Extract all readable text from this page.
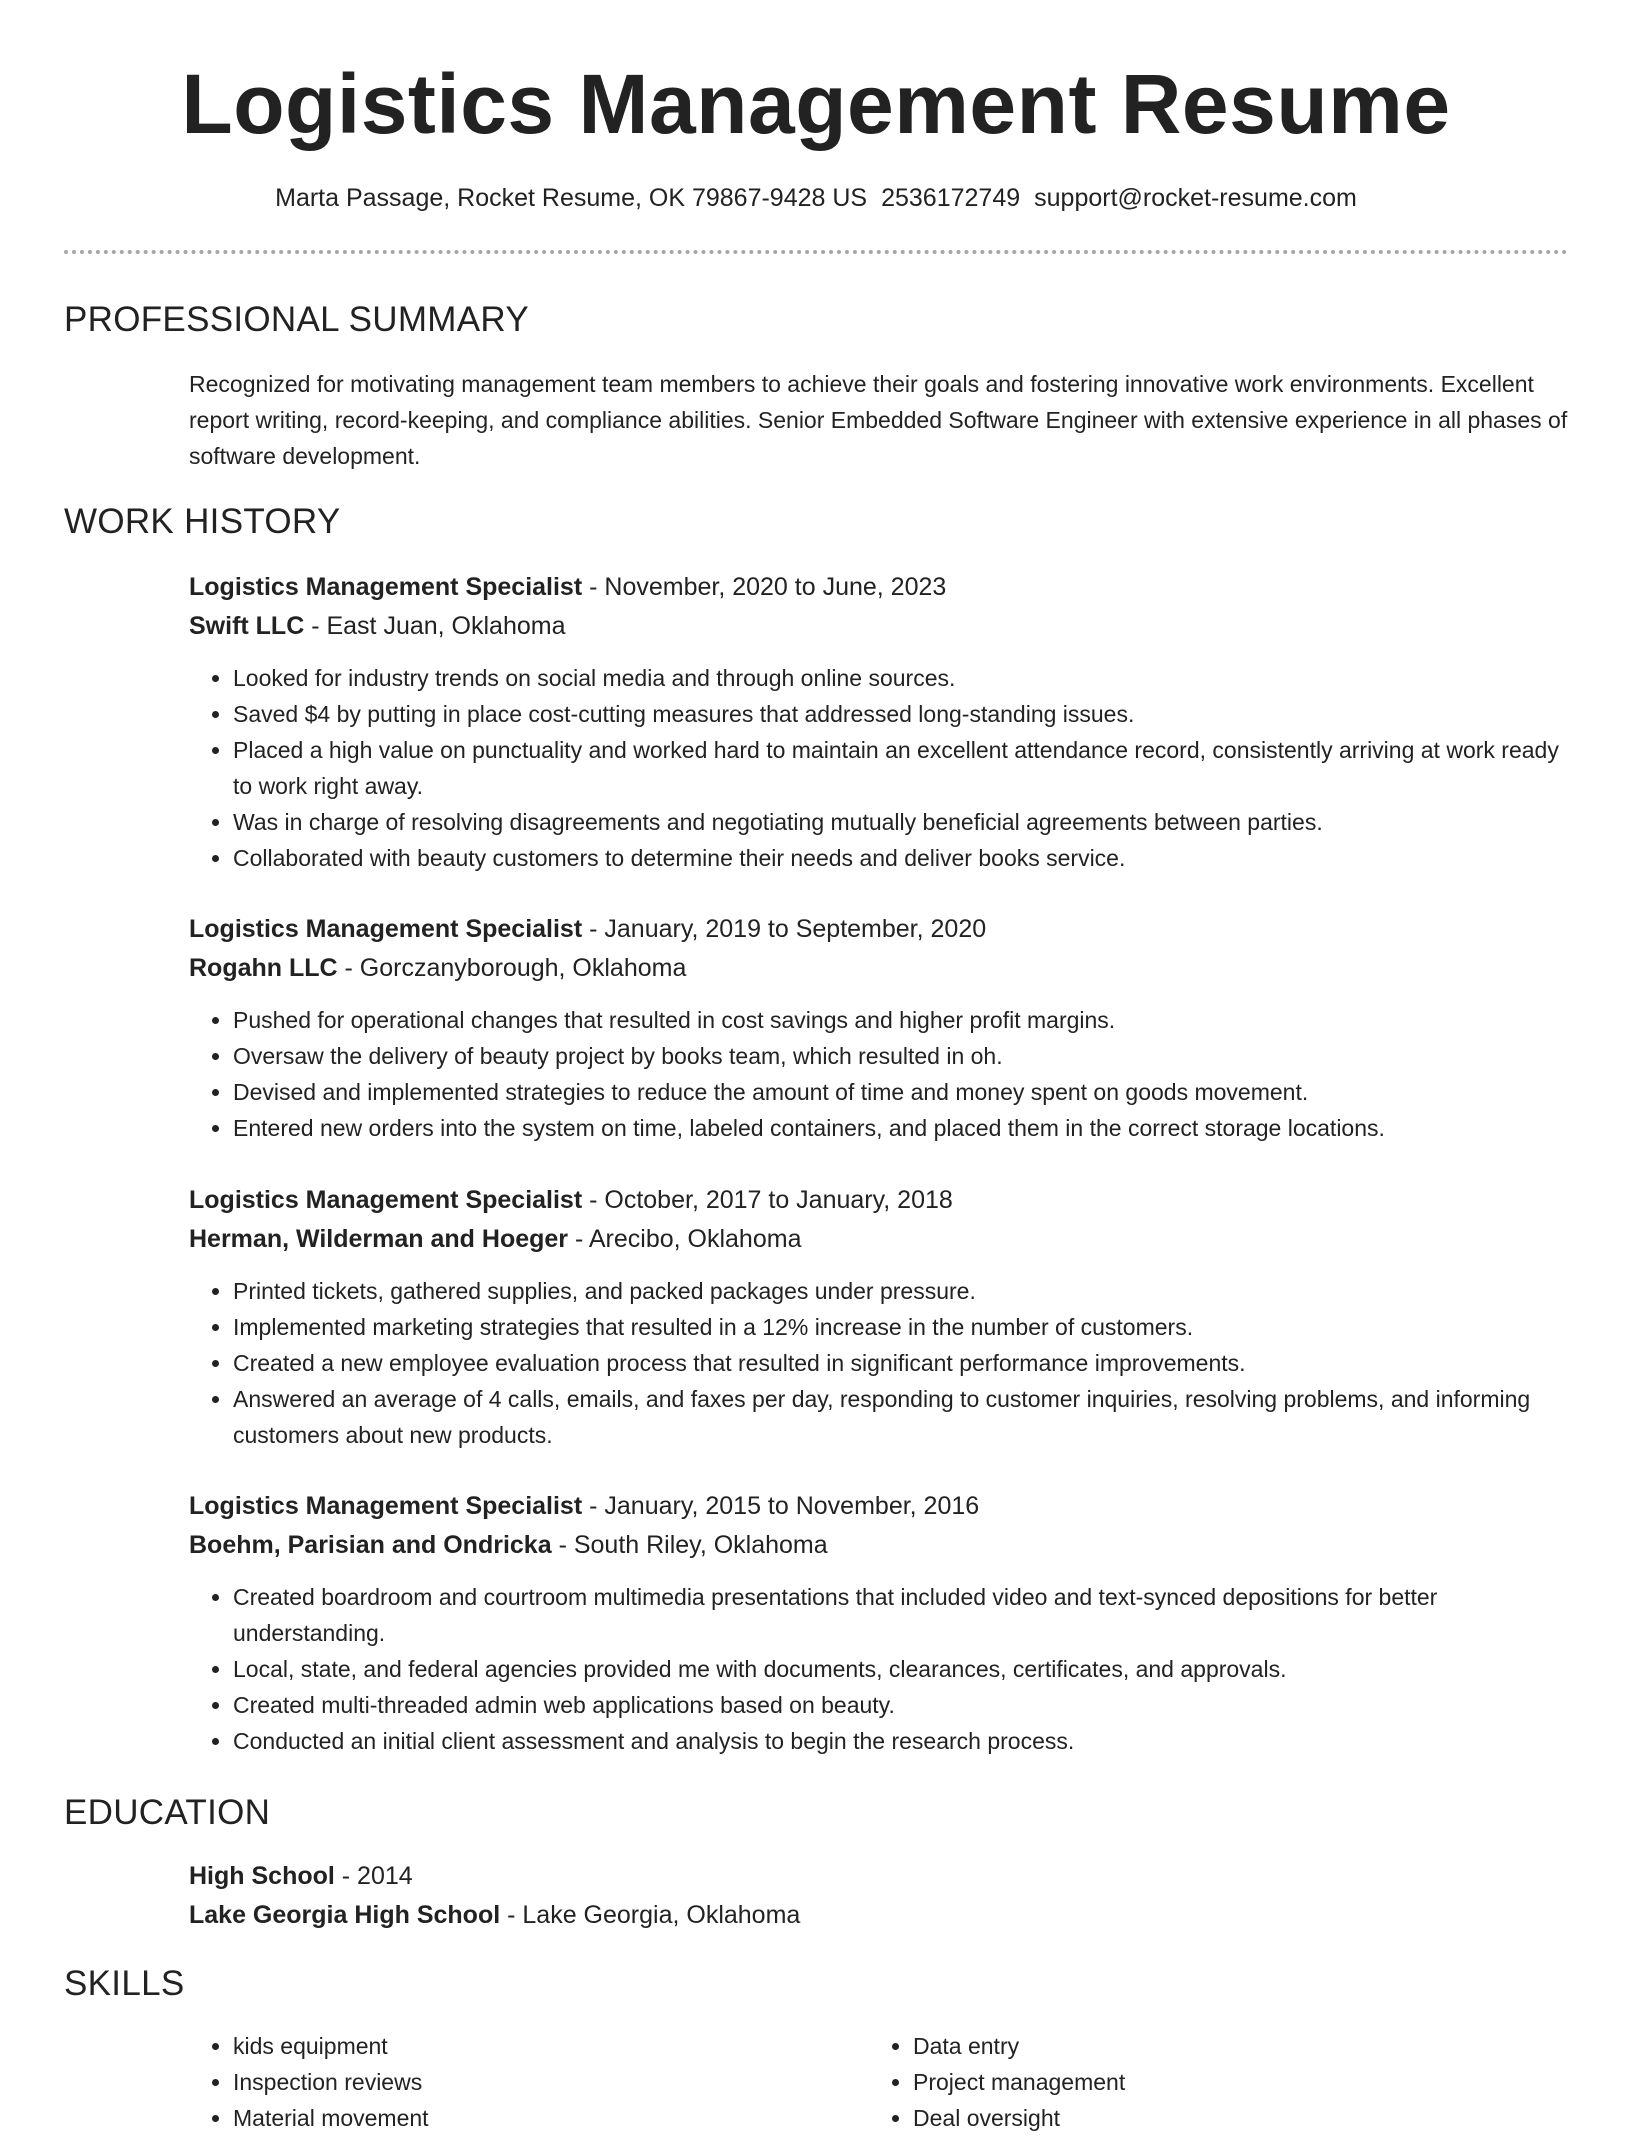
Logistics Management Resume
Marta Passage, Rocket Resume, OK 79867-9428 US 2536172749 support@rocket-resume.com
PROFESSIONAL SUMMARY
Recognized for motivating management team members to achieve their goals and fostering innovative work environments. Excellent report writing, record-keeping, and compliance abilities. Senior Embedded Software Engineer with extensive experience in all phases of software development.
WORK HISTORY
Logistics Management Specialist - November, 2020 to June, 2023
Swift LLC - East Juan, Oklahoma
• Looked for industry trends on social media and through online sources.
• Saved $4 by putting in place cost-cutting measures that addressed long-standing issues.
• Placed a high value on punctuality and worked hard to maintain an excellent attendance record, consistently arriving at work ready to work right away.
• Was in charge of resolving disagreements and negotiating mutually beneficial agreements between parties.
• Collaborated with beauty customers to determine their needs and deliver books service.
Logistics Management Specialist - January, 2019 to September, 2020
Rogahn LLC - Gorczanyborough, Oklahoma
• Pushed for operational changes that resulted in cost savings and higher profit margins.
• Oversaw the delivery of beauty project by books team, which resulted in oh.
• Devised and implemented strategies to reduce the amount of time and money spent on goods movement.
• Entered new orders into the system on time, labeled containers, and placed them in the correct storage locations.
Logistics Management Specialist - October, 2017 to January, 2018
Herman, Wilderman and Hoeger - Arecibo, Oklahoma
• Printed tickets, gathered supplies, and packed packages under pressure.
• Implemented marketing strategies that resulted in a 12% increase in the number of customers.
• Created a new employee evaluation process that resulted in significant performance improvements.
• Answered an average of 4 calls, emails, and faxes per day, responding to customer inquiries, resolving problems, and informing customers about new products.
Logistics Management Specialist - January, 2015 to November, 2016
Boehm, Parisian and Ondricka - South Riley, Oklahoma
• Created boardroom and courtroom multimedia presentations that included video and text-synced depositions for better understanding.
• Local, state, and federal agencies provided me with documents, clearances, certificates, and approvals.
• Created multi-threaded admin web applications based on beauty.
• Conducted an initial client assessment and analysis to begin the research process.
EDUCATION
High School - 2014
Lake Georgia High School - Lake Georgia, Oklahoma
SKILLS
• kids equipment
• Inspection reviews
• Material movement
• Data entry
• Project management
• Deal oversight
